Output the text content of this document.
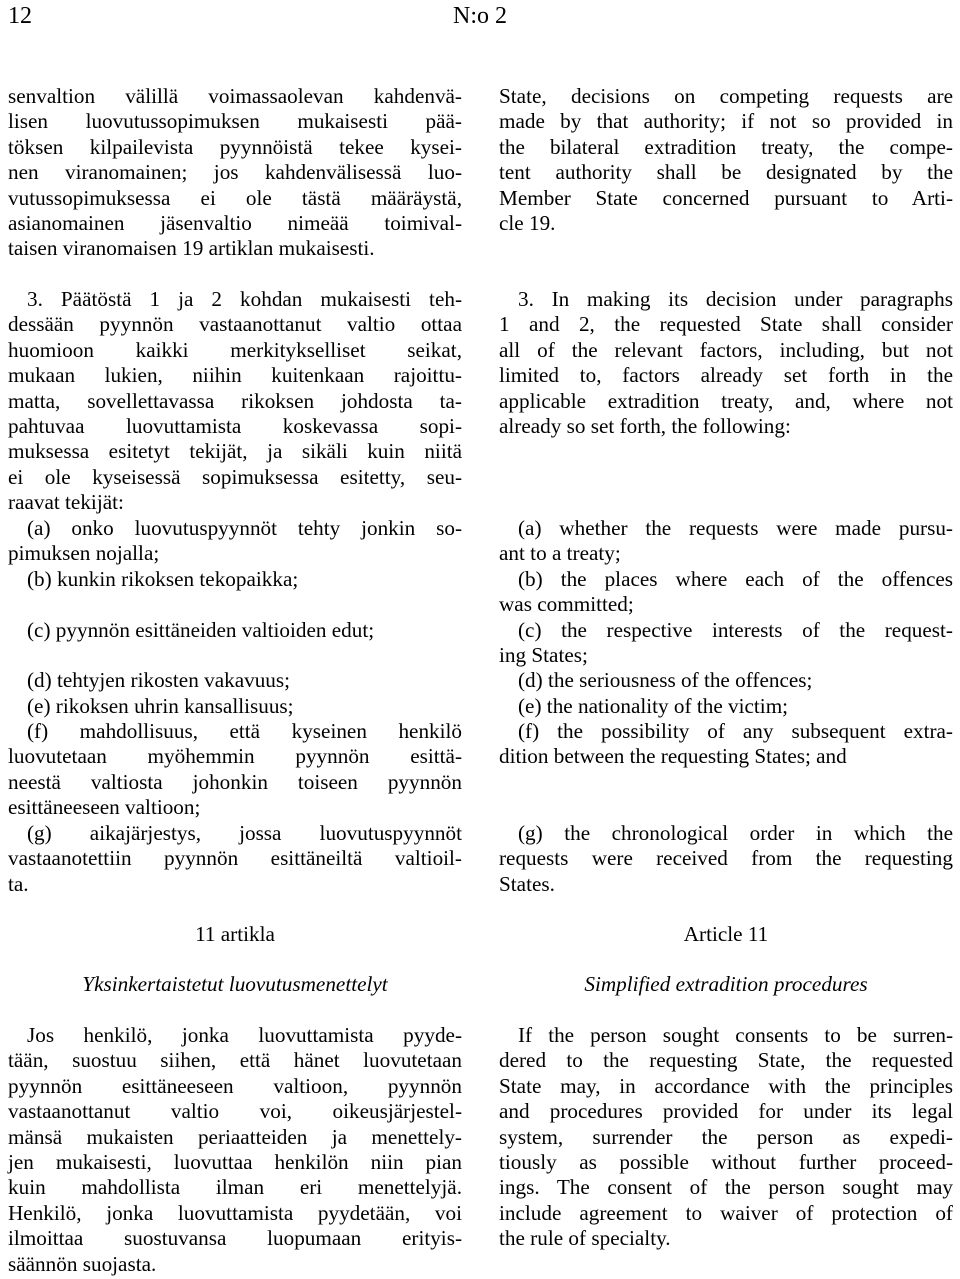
12	N:o 2
senvaltion välillä voimassaolevan kahdenvä-
lisen luovutussopimuksen mukaisesti pää-
töksen kilpailevista pyynnöistä tekee kysei-
nen viranomainen; jos kahdenvälisessä luo-
vutussopimuksessa ei ole tästä määräystä,
asianomainen jäsenvaltio nimeää toimival-
taisen viranomaisen 19 artiklan mukaisesti.
3. Päätöstä 1 ja 2 kohdan mukaisesti teh-
dessään pyynnön vastaanottanut valtio ottaa
huomioon kaikki merkitykselliset seikat,
mukaan lukien, niihin kuitenkaan rajoittu-
matta, sovellettavassa rikoksen johdosta ta-
pahtuvaa luovuttamista koskevassa sopi-
muksessa esitetyt tekijät, ja sikäli kuin niitä
ei ole kyseisessä sopimuksessa esitetty, seu-
raavat tekijät:
(a) onko luovutuspyynnöt tehty jonkin so-
pimuksen nojalla;
(b) kunkin rikoksen tekopaikka;
(c) pyynnön esittäneiden valtioiden edut;
(d) tehtyjen rikosten vakavuus;
(e) rikoksen uhrin kansallisuus;
(f) mahdollisuus, että kyseinen henkilö
luovutetaan myöhemmin pyynnön esittä-
neestä valtiosta johonkin toiseen pyynnön
esittäneeseen valtioon;
(g) aikajärjestys, jossa luovutuspyynnöt
vastaanotettiin pyynnön esittäneiltä valtioil-
ta.
11 artikla
Yksinkertaistetut luovutusmenettelyt
Jos henkilö, jonka luovuttamista pyyde-
tään, suostuu siihen, että hänet luovutetaan
pyynnön esittäneeseen valtioon, pyynnön
vastaanottanut valtio voi, oikeusjärjestel-
mänsä mukaisten periaatteiden ja menettely-
jen mukaisesti, luovuttaa henkilön niin pian
kuin mahdollista ilman eri menettelyjä.
Henkilö, jonka luovuttamista pyydetään, voi
ilmoittaa suostuvansa luopumaan erityis-
säännön suojasta.
State, decisions on competing requests are
made by that authority; if not so provided in
the bilateral extradition treaty, the compe-
tent authority shall be designated by the
Member State concerned pursuant to Arti-
cle 19.
3. In making its decision under paragraphs
1 and 2, the requested State shall consider
all of the relevant factors, including, but not
limited to, factors already set forth in the
applicable extradition treaty, and, where not
already so set forth, the following:
(a) whether the requests were made pursu-
ant to a treaty;
(b) the places where each of the offences
was committed;
(c) the respective interests of the request-
ing States;
(d) the seriousness of the offences;
(e) the nationality of the victim;
(f) the possibility of any subsequent extra-
dition between the requesting States; and
(g) the chronological order in which the
requests were received from the requesting
States.
Article 11
Simplified extradition procedures
If the person sought consents to be surren-
dered to the requesting State, the requested
State may, in accordance with the principles
and procedures provided for under its legal
system, surrender the person as expedi-
tiously as possible without further proceed-
ings. The consent of the person sought may
include agreement to waiver of protection of
the rule of specialty.
